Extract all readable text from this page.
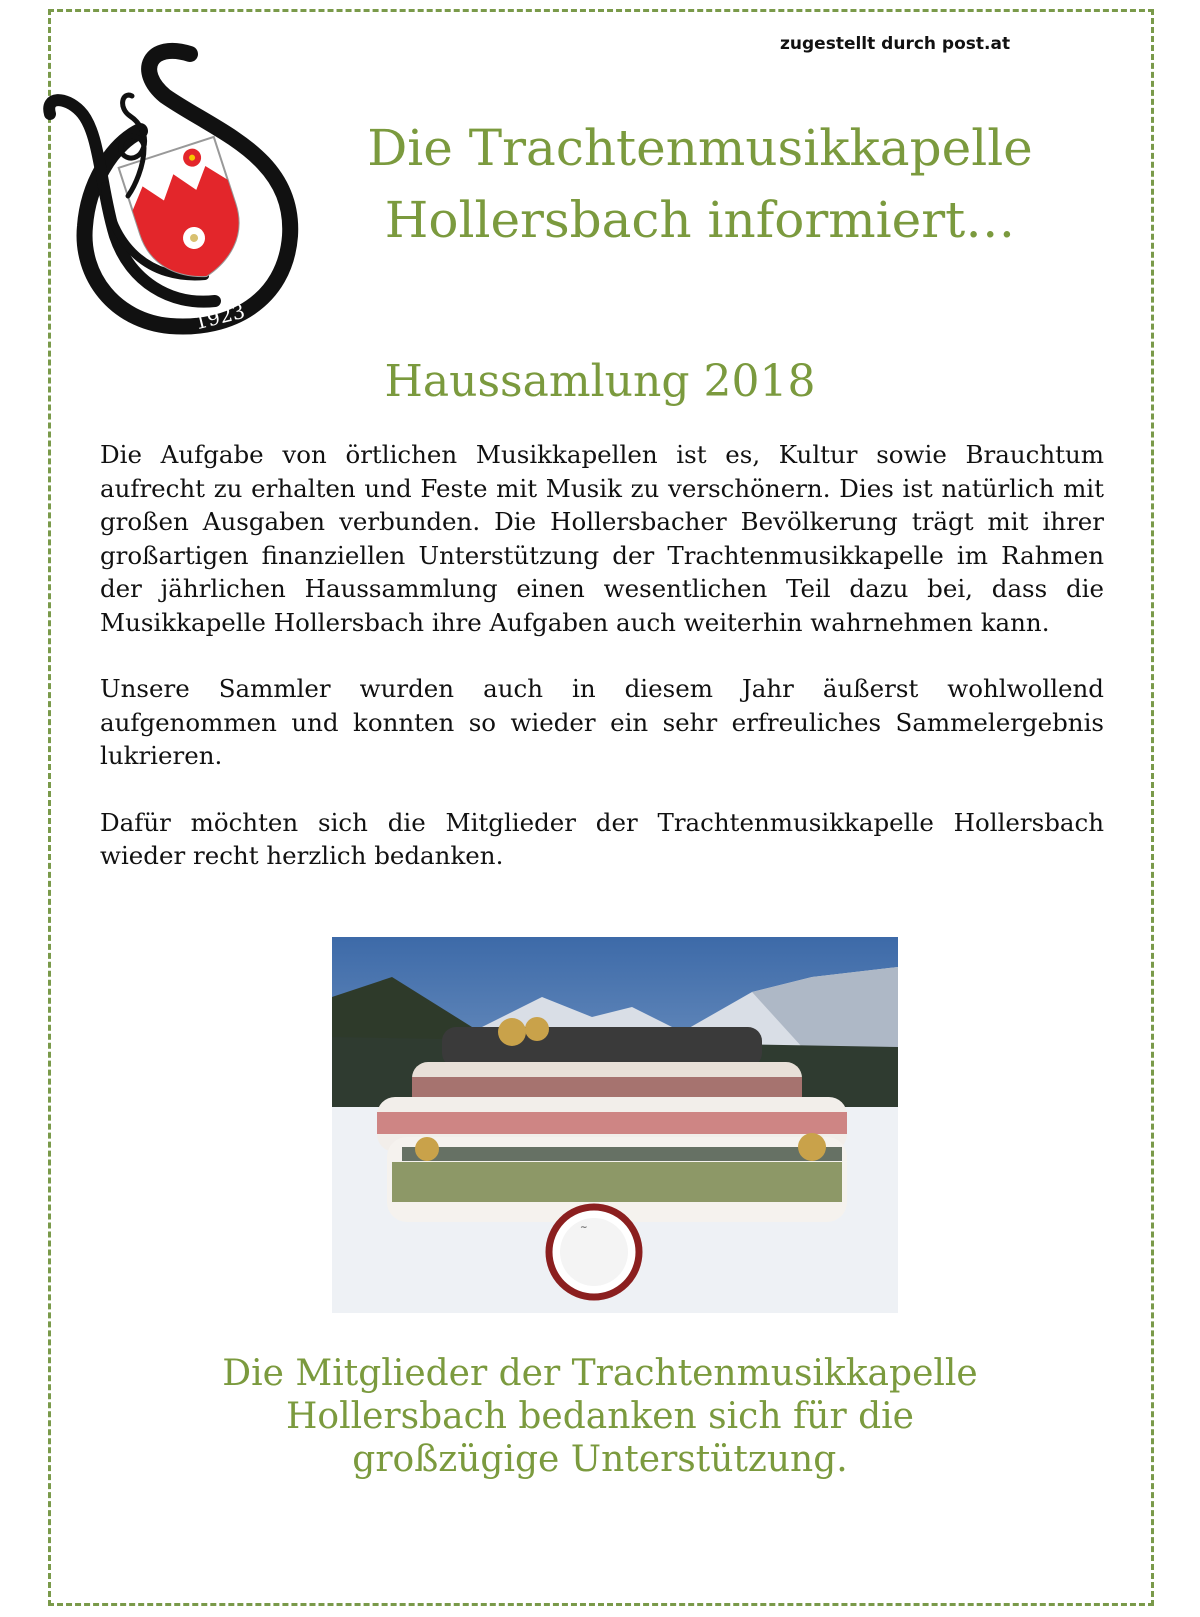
zugestellt durch post.at
1923
Die Trachtenmusikkapelle
Hollersbach informiert…
Haussamlung 2018

Die Aufgabe von örtlichen Musikkapellen ist es, Kultur sowie Brauchtum aufrecht zu erhalten und Feste mit Musik zu verschönern. Dies ist natürlich mit großen Ausgaben verbunden. Die Hollersbacher Bevölkerung trägt mit ihrer großartigen finanziellen Unterstützung der Trachtenmusikkapelle im Rahmen der jährlichen Haussammlung einen wesentlichen Teil dazu bei, dass die Musikkapelle Hollersbach ihre Aufgaben auch weiterhin wahrnehmen kann.

Unsere Sammler wurden auch in diesem Jahr äußerst wohlwollend aufgenommen und konnten so wieder ein sehr erfreuliches Sammelergebnis lukrieren.

Dafür möchten sich die Mitglieder der Trachtenmusikkapelle Hollersbach wieder recht herzlich bedanken.

~
Die Mitglieder der Trachtenmusikkapelle
Hollersbach bedanken sich für die
großzügige Unterstützung.
